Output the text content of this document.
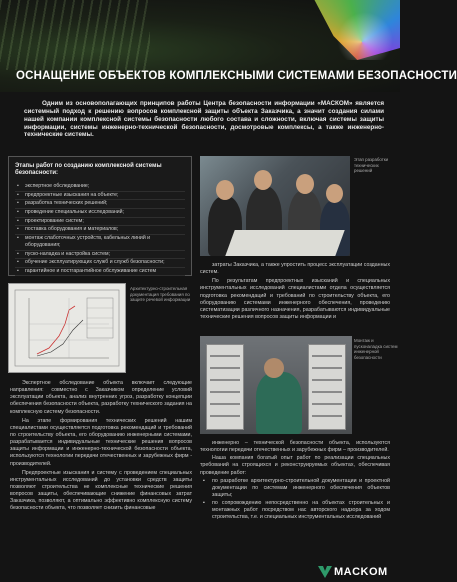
ОСНАЩЕНИЕ ОБЪЕКТОВ КОМПЛЕКСНЫМИ СИСТЕМАМИ БЕЗОПАСНОСТИ

Одним из основополагающих принципов работы Центра безопасности информации «МАСКОМ» является системный подход к решению вопросов комплексной защиты объекта Заказчика, а значит создания силами нашей компании комплексной системы безопасности любого состава и сложности, включая системы защиты информации, системы инженерно-технической безопасности, досмотровые комплексы, а также инженерно-технические системы.

Этапы работ по созданию комплексной системы безопасности:
▪ экспертное обследование;
▪ предпроектные изыскания на объекте;
▪ разработка технических решений;
▪ проведение специальных исследований;
▪ проектирование систем;
▪ поставка оборудования и материалов;
▪ монтаж слаботочных устройств, кабельных линий и оборудования;
▪ пуско-наладка и настройка систем;
▪ обучение эксплуатирующих служб и служб безопасности;
▪ гарантийное и постгарантийное обслуживание систем
Этап разработки технических решений

затраты Заказчика, а также упростить процесс эксплуатации созданных систем.

По результатам предпроектных изысканий и специальных инструментальных исследований специалистами отдела осуществляется подготовка рекомендаций и требований по строительству объекта, его оборудованию системами инженерного обеспечения, проведению систематизации различного назначения, разрабатываются индивидуальные технические решения вопросов защиты информации и

Архитектурно-строительная документация требования по защите речевой информации
Монтаж и пусконаладка систем инженерной безопасности

Экспертное обследование объекта включает следующие направления: совместно с Заказчиком определение условий эксплуатации объекта, анализ внутренних угроз, разработку концепции обеспечения безопасности объекта, разработку технического задания на комплексную систему безопасности.

На этапе формирования технических решений нашим специалистами осуществляется подготовка рекомендаций и требований по строительству объекта, его оборудованию инженерными системами, разрабатывается индивидуальные технические решения вопросов защиты информации и инженерно-технической безопасности объекта, используются технологии передачи отечественных и зарубежных фирм - производителей.

Предпроектные изыскания и систему с проведением специальных инструментальных исследований до установки средств защиты позволяют строительства не комплексные технические решения вопросов защиты, обеспечивающие снижение финансовых затрат Заказчика, позволяют, а оптимально эффективно комплексную систему безопасности объекта, что позволяет снизить финансовые

инженерно – технической безопасности объекта, используются технологии передачи отечественных и зарубежных фирм – производителей.

Наша компания богатый опыт работ по реализации специальных требований на строящихся и реконструируемых объектах, обеспечивая проведение работ:

▪ по разработке архитектурно-строительной документации и проектной документации по системам инженерного обеспечения объектов защиты;
▪ по сопровождению непосредственно на объектах строительных и монтажных работ посредством нас авторского надзора за ходом строительства, т.е. и специальных инструментальных исследований
MACKOM
